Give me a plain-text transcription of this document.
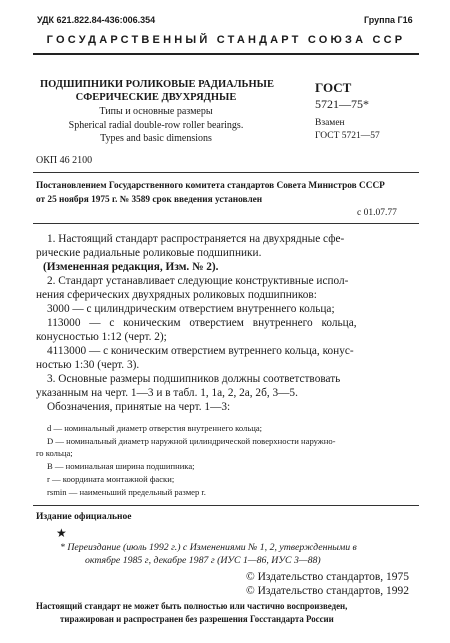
УДК 621.822.84-436:006.354	Группа Г16
ГОСУДАРСТВЕННЫЙ СТАНДАРТ СОЮЗА ССР
ПОДШИПНИКИ РОЛИКОВЫЕ РАДИАЛЬНЫЕ
СФЕРИЧЕСКИЕ ДВУХРЯДНЫЕ
Типы и основные размеры
Spherical radial double-row roller bearings.
Types and basic dimensions
ГОСТ
5721—75*
Взамен
ГОСТ 5721—57
ОКП 46 2100
Постановлением Государственного комитета стандартов Совета Министров СССР
от 25 ноября 1975 г. № 3589 срок введения установлен
с 01.07.77
1. Настоящий стандарт распространяется на двухрядные сфе-
рические радиальные роликовые подшипники.
(Измененная редакция, Изм. № 2).
2. Стандарт устанавливает следующие конструктивные испол-
нения сферических двухрядных роликовых подшипников:
3000 — с цилиндрическим отверстием внутреннего кольца;
113000 — с коническим отверстием внутреннего кольца,
конусностью 1:12 (черт. 2);
4113000 — с коническим отверстием вутреннего кольца, конус-
ностью 1:30 (черт. 3).
3. Основные размеры подшипников должны соответствовать
указанным на черт. 1—3 и в табл. 1, 1а, 2, 2а, 2б, 3—5.
Обозначения, принятые на черт. 1—3:
d — номинальный диаметр отверстия внутреннего кольца;
D — номинальный диаметр наружной цилиндрической поверхности наружно-
го кольца;
B — номинальная ширина подшипника;
r — координата монтажной фаски;
rsmin — наименьший предельный размер r.
Издание официальное
★
* Переиздание (июль 1992 г.) с Изменениями № 1, 2, утвержденными в
октябре 1985 г, декабре 1987 г (ИУС 1—86, ИУС 3—88)
© Издательство стандартов, 1975
© Издательство стандартов, 1992
Настоящий стандарт не может быть полностью или частично воспроизведен,
тиражирован и распространен без разрешения Госстандарта России
